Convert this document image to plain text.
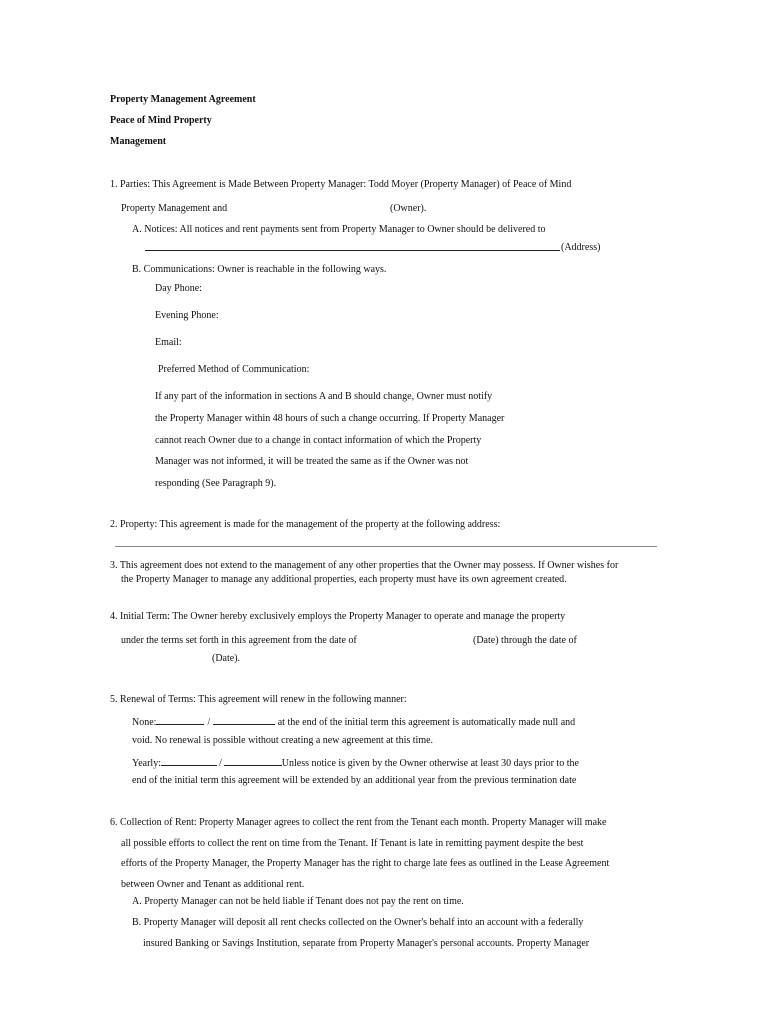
Property Management Agreement
Peace of Mind Property
Management
1. Parties: This Agreement is Made Between Property Manager: Todd Moyer (Property Manager) of Peace of Mind
Property Management and	(Owner).
A. Notices: All notices and rent payments sent from Property Manager to Owner should be delivered to
(Address)
B. Communications: Owner is reachable in the following ways.
Day Phone:
Evening Phone:
Email:
Preferred Method of Communication:
If any part of the information in sections A and B should change, Owner must notify
the Property Manager within 48 hours of such a change occurring. If Property Manager
cannot reach Owner due to a change in contact information of which the Property
Manager was not informed, it will be treated the same as if the Owner was not
responding (See Paragraph 9).
2. Property: This agreement is made for the management of the property at the following address:
3. This agreement does not extend to the management of any other properties that the Owner may possess. If Owner wishes for
the Property Manager to manage any additional properties, each property must have its own agreement created.
4. Initial Term: The Owner hereby exclusively employs the Property Manager to operate and manage the property
under the terms set forth in this agreement from the date of	(Date) through the date of
(Date).
5. Renewal of Terms: This agreement will renew in the following manner:
None:	/	at the end of the initial term this agreement is automatically made null and
void. No renewal is possible without creating a new agreement at this time.
Yearly:	/	Unless notice is given by the Owner otherwise at least 30 days prior to the
end of the initial term this agreement will be extended by an additional year from the previous termination date
6. Collection of Rent: Property Manager agrees to collect the rent from the Tenant each month. Property Manager will make
all possible efforts to collect the rent on time from the Tenant. If Tenant is late in remitting payment despite the best
efforts of the Property Manager, the Property Manager has the right to charge late fees as outlined in the Lease Agreement
between Owner and Tenant as additional rent.
A. Property Manager can not be held liable if Tenant does not pay the rent on time.
B. Property Manager will deposit all rent checks collected on the Owner's behalf into an account with a federally
insured Banking or Savings Institution, separate from Property Manager's personal accounts. Property Manager
